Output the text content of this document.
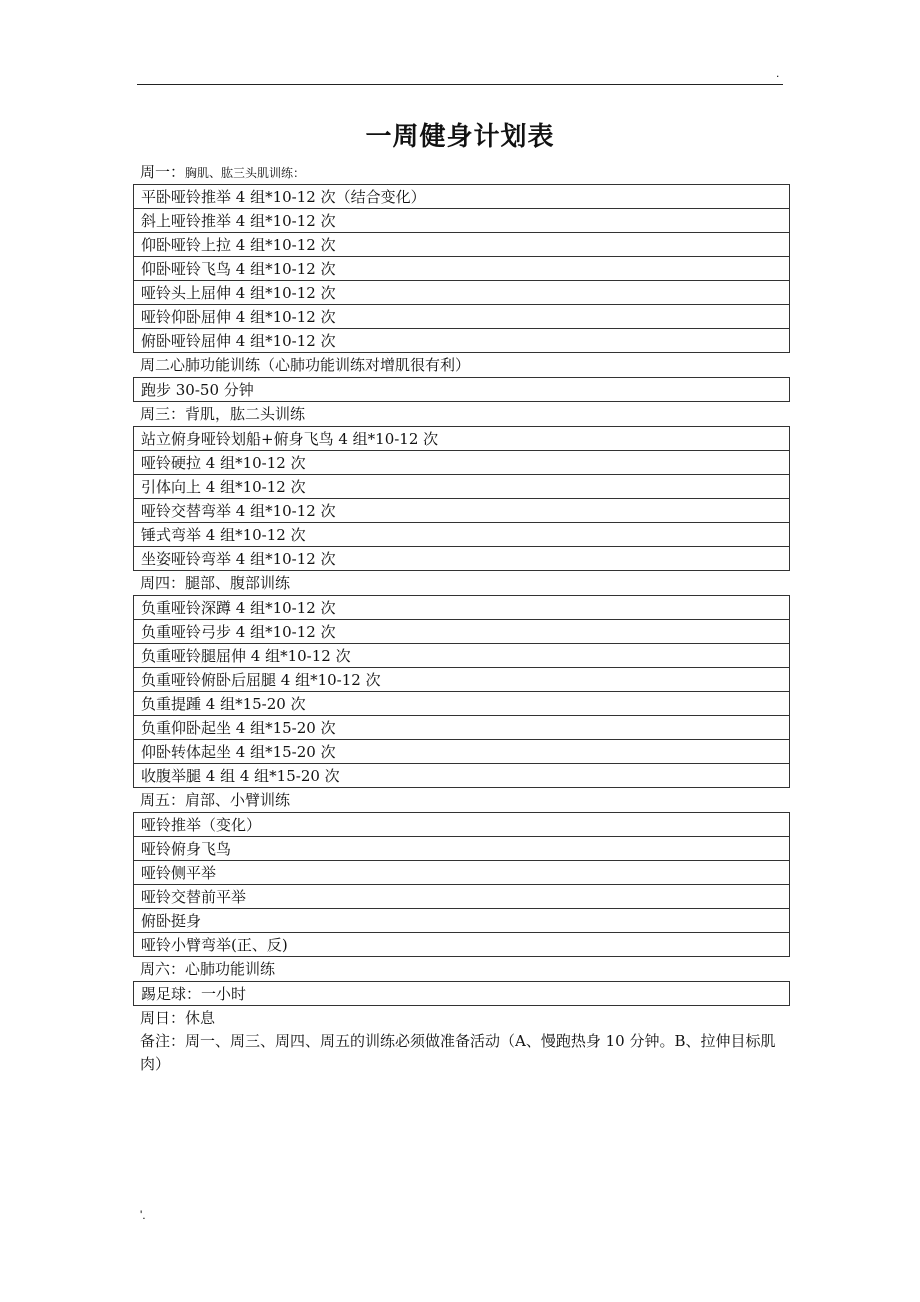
.
一周健身计划表
周一：胸肌、肱三头肌训练：
平卧哑铃推举 4 组*10-12 次（结合变化）
斜上哑铃推举 4 组*10-12 次
仰卧哑铃上拉 4 组*10-12 次
仰卧哑铃飞鸟 4 组*10-12 次
哑铃头上屈伸 4 组*10-12 次
哑铃仰卧屈伸 4 组*10-12 次
俯卧哑铃屈伸 4 组*10-12 次
周二心肺功能训练（心肺功能训练对增肌很有利）
跑步 30-50 分钟
周三：背肌，肱二头训练
站立俯身哑铃划船+俯身飞鸟 4 组*10-12 次
哑铃硬拉 4 组*10-12 次
引体向上 4 组*10-12 次
哑铃交替弯举 4 组*10-12 次
锤式弯举 4 组*10-12 次
坐姿哑铃弯举 4 组*10-12 次
周四：腿部、腹部训练
负重哑铃深蹲 4 组*10-12 次
负重哑铃弓步 4 组*10-12 次
负重哑铃腿屈伸 4 组*10-12 次
负重哑铃俯卧后屈腿 4 组*10-12 次
负重提踵 4 组*15-20 次
负重仰卧起坐 4 组*15-20 次
仰卧转体起坐 4 组*15-20 次
收腹举腿 4 组 4 组*15-20 次
周五：肩部、小臂训练
哑铃推举（变化）
哑铃俯身飞鸟
哑铃侧平举
哑铃交替前平举
俯卧挺身
哑铃小臂弯举(正、反)
周六：心肺功能训练
踢足球：一小时
周日：休息
备注：周一、周三、周四、周五的训练必须做准备活动（A、慢跑热身 10 分钟。B、拉伸目标肌肉）
'.
